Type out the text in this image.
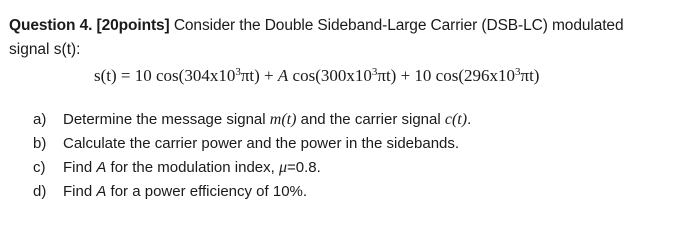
Question 4. [20points] Consider the Double Sideband-Large Carrier (DSB-LC) modulated
signal s(t):
s(t) = 10 $\cos(304x10^3\pi t) + A$ $\cos(300x10^3\pi t) + 10$ $\cos(296x10^3\pi t)$
a)	Determine the message signal m(t) and the carrier signal c(t).
b)	Calculate the carrier power and the power in the sidebands.
c)	Find A for the modulation index, μ=0.8.
d)	Find A for a power efficiency of 10%.
